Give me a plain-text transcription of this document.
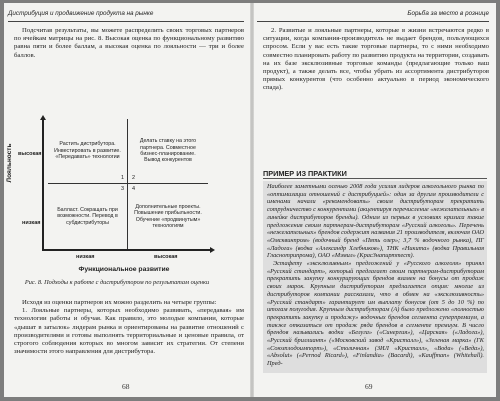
Дистрибуция и продвижение продукта на рынке

Подсчитав результаты, вы можете распределить своих торговых партнеров по ячейкам матрицы на рис. 8. Высокая оценка по функциональному развитию равна пяти и более баллам, а высокая оценка по лояльности — три и более баллов.

высокая
низкая
низкая	высокая
Лояльность
Функциональное развитие
Растить дистрибутора. Инвестировать в развитие. «Передавать» технологии
Делать ставку на этого партнера. Совместное бизнес-планирование. Вывод конкурентов
Балласт. Сокращать при возможности. Перевод в субдистрибуторы
Дополнительные проекты. Повышение прибыльности. Обучение «продвинутым» технологиям
1 2
3 4
Рис. 8. Подходы к работе с дистрибутором по результатам оценки

Исходя из оценки партнеров их можно разделить на четыре группы:

1. Лояльные партнеры, которых необходимо развивать, «передавая» им технологии работы и обучая. Как правило, это молодые компании, которые «дышат в затылок» лидерам рынка и ориентированы на развитие отношений с производителями и готовы выполнять территориальные и ценовые правила, от строгого соблюдения которых во многом зависит их стратегии. От степени значимости этого направления для дистрибутора.

68
Борьба за место в рознице

2. Развитые и лояльные партнеры, которые в жизни встречаются редко в ситуации, когда компания-производитель не выдает брендов, пользующихся спросом. Если у вас есть такие торговые партнеры, то с ними необходимо совместно планировать работу по развитию продукта на территории, создавать на их базе эксклюзивные торговые команды (предлагающие только ваш продукт), а также делать все, чтобы убрать из ассортимента дистрибуторов прямых конкурентов (что особенно актуально в период экономического спада).

ПРИМЕР ИЗ ПРАКТИКИ

Наиболее заметными осенью 2008 года усилия лидеров алкогольного рынка по «оптимизации отношений с дистрибуцией»: один за другим производители с именами начали «рекомендовать» своим дистрибуторам прекратить сотрудничество с конкурентами (акцентируя перечисление «нежелательных» в линейке дистрибуторов бренды). Одним из первых в условиях кризиса такие предложения своим партнерам-дистрибуторам «Русский алкоголь». Перечень «нежелательных» брендов содержит названия 21 производителя, включая ОАО «Омсквинпром» (водочный бренд «Пять озер»; 3,7 % водочного рынка), ПГ «Ладога» (водка «Александр Хлебников»), ТНК «Никита» (водка Правильная Глаcнотрипрома), ОАО «Мэмил» (КрасЗнапирттест).

Эстафету «эксклюзивным» предложений у «Русского алкоголя» принял «Русский стандарт», который предлагает своим партнерам-дистрибуторам прекратить закупку конкурирующих брендов взамен на бонусы от продаж своих марок. Крупным дистрибуторам предлагается опция: многие из дистрибуторов компании рассказали, что в обмен на «эксклюзивность» «Русский стандарт» гарантирует им выплату бонусов (от 5 до 10 %) по итогам полугодия. Крупным дистрибуторам (А) было предложено «полностью прекратить закупку и продажу» водочных брендов сегмента суперпремиум, а также отказаться от продаж ряда брендов в сегменте премиум. В число брендов назывались водки «Белуга» («Синергия»), «Царская» («Ладога»), «Русский бриллиант» («Московский завод «Кристалл»), «Зеленая марка» (ГК «Союзплодоимпорт»), «Столичная» (ЗИЛ «Кристалл», «Вода» («Веда»), «Absolut» («Pernod Ricard»), «Finlandia» (Bacardi), «Kauffman» (Whitehall). Пред-

69
